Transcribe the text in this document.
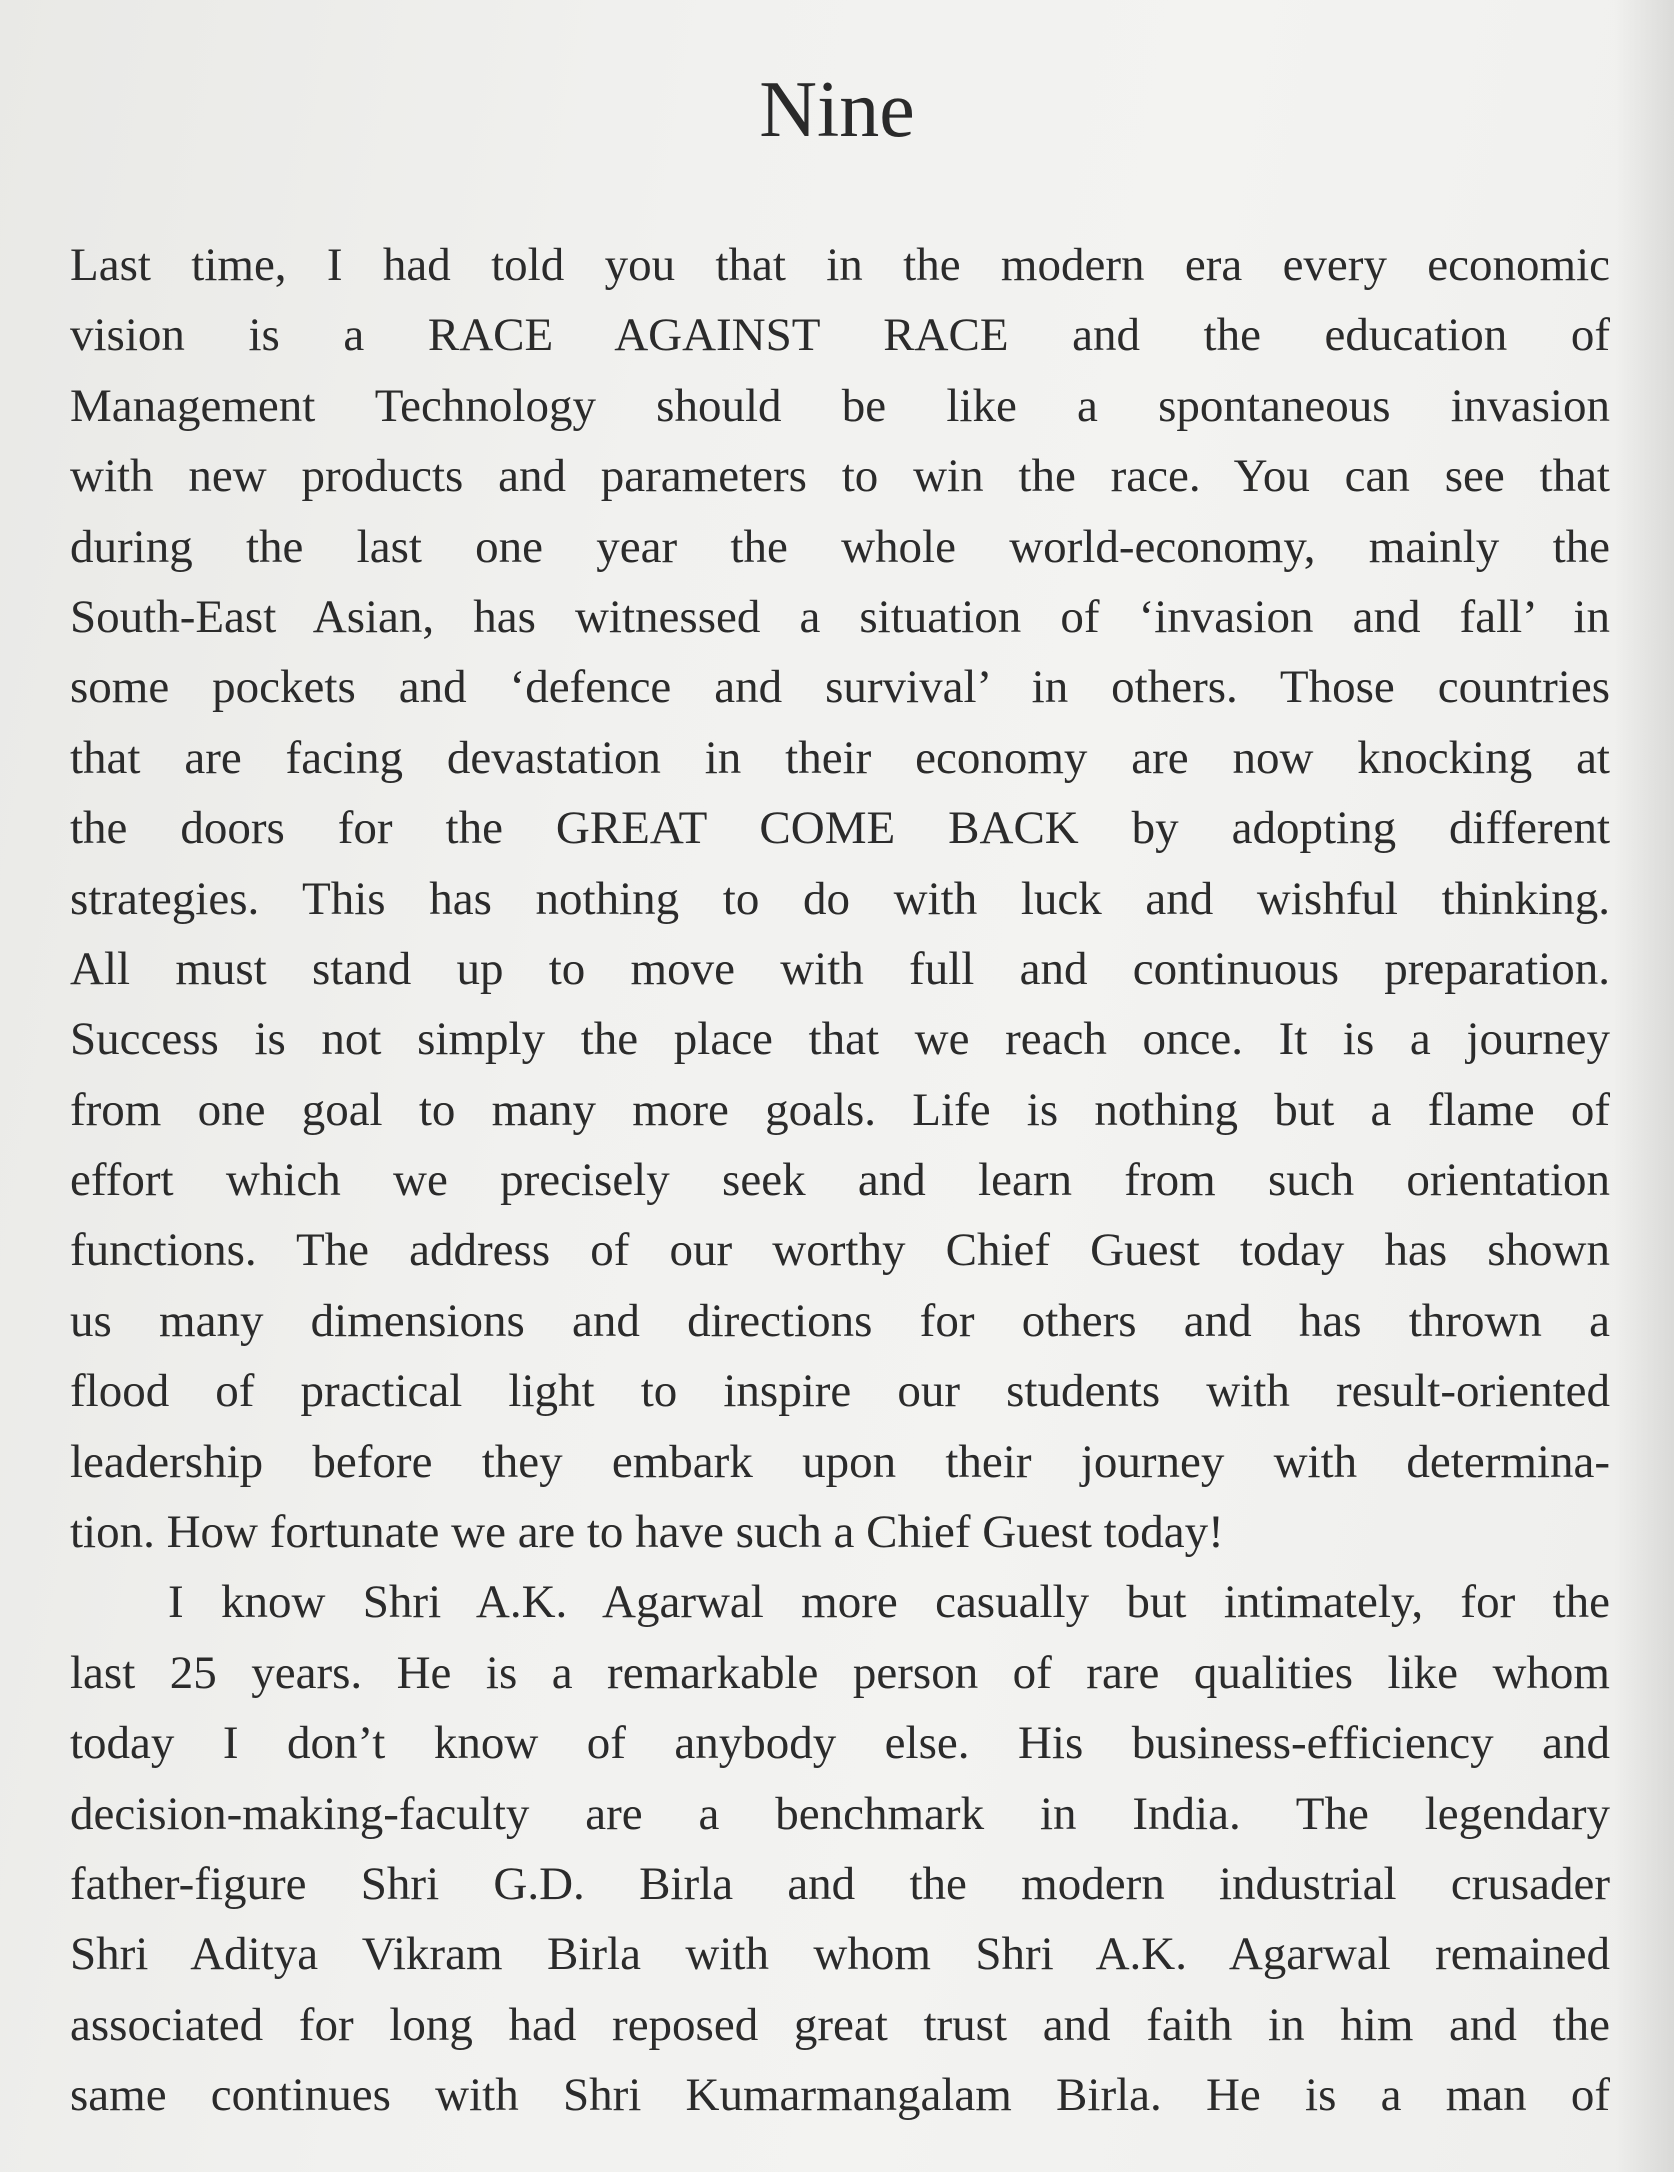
Nine
Last time, I had told you that in the modern era every economic
vision is a RACE AGAINST RACE and the education of
Management Technology should be like a spontaneous invasion
with new products and parameters to win the race. You can see that
during the last one year the whole world-economy, mainly the
South-East Asian, has witnessed a situation of ‘invasion and fall’ in
some pockets and ‘defence and survival’ in others. Those countries
that are facing devastation in their economy are now knocking at
the doors for the GREAT COME BACK by adopting different
strategies. This has nothing to do with luck and wishful thinking.
All must stand up to move with full and continuous preparation.
Success is not simply the place that we reach once. It is a journey
from one goal to many more goals. Life is nothing but a flame of
effort which we precisely seek and learn from such orientation
functions. The address of our worthy Chief Guest today has shown
us many dimensions and directions for others and has thrown a
flood of practical light to inspire our students with result-oriented
leadership before they embark upon their journey with determina-
tion. How fortunate we are to have such a Chief Guest today!
I know Shri A.K. Agarwal more casually but intimately, for the
last 25 years. He is a remarkable person of rare qualities like whom
today I don’t know of anybody else. His business-efficiency and
decision-making-faculty are a benchmark in India. The legendary
father-figure Shri G.D. Birla and the modern industrial crusader
Shri Aditya Vikram Birla with whom Shri A.K. Agarwal remained
associated for long had reposed great trust and faith in him and the
same continues with Shri Kumarmangalam Birla. He is a man of
